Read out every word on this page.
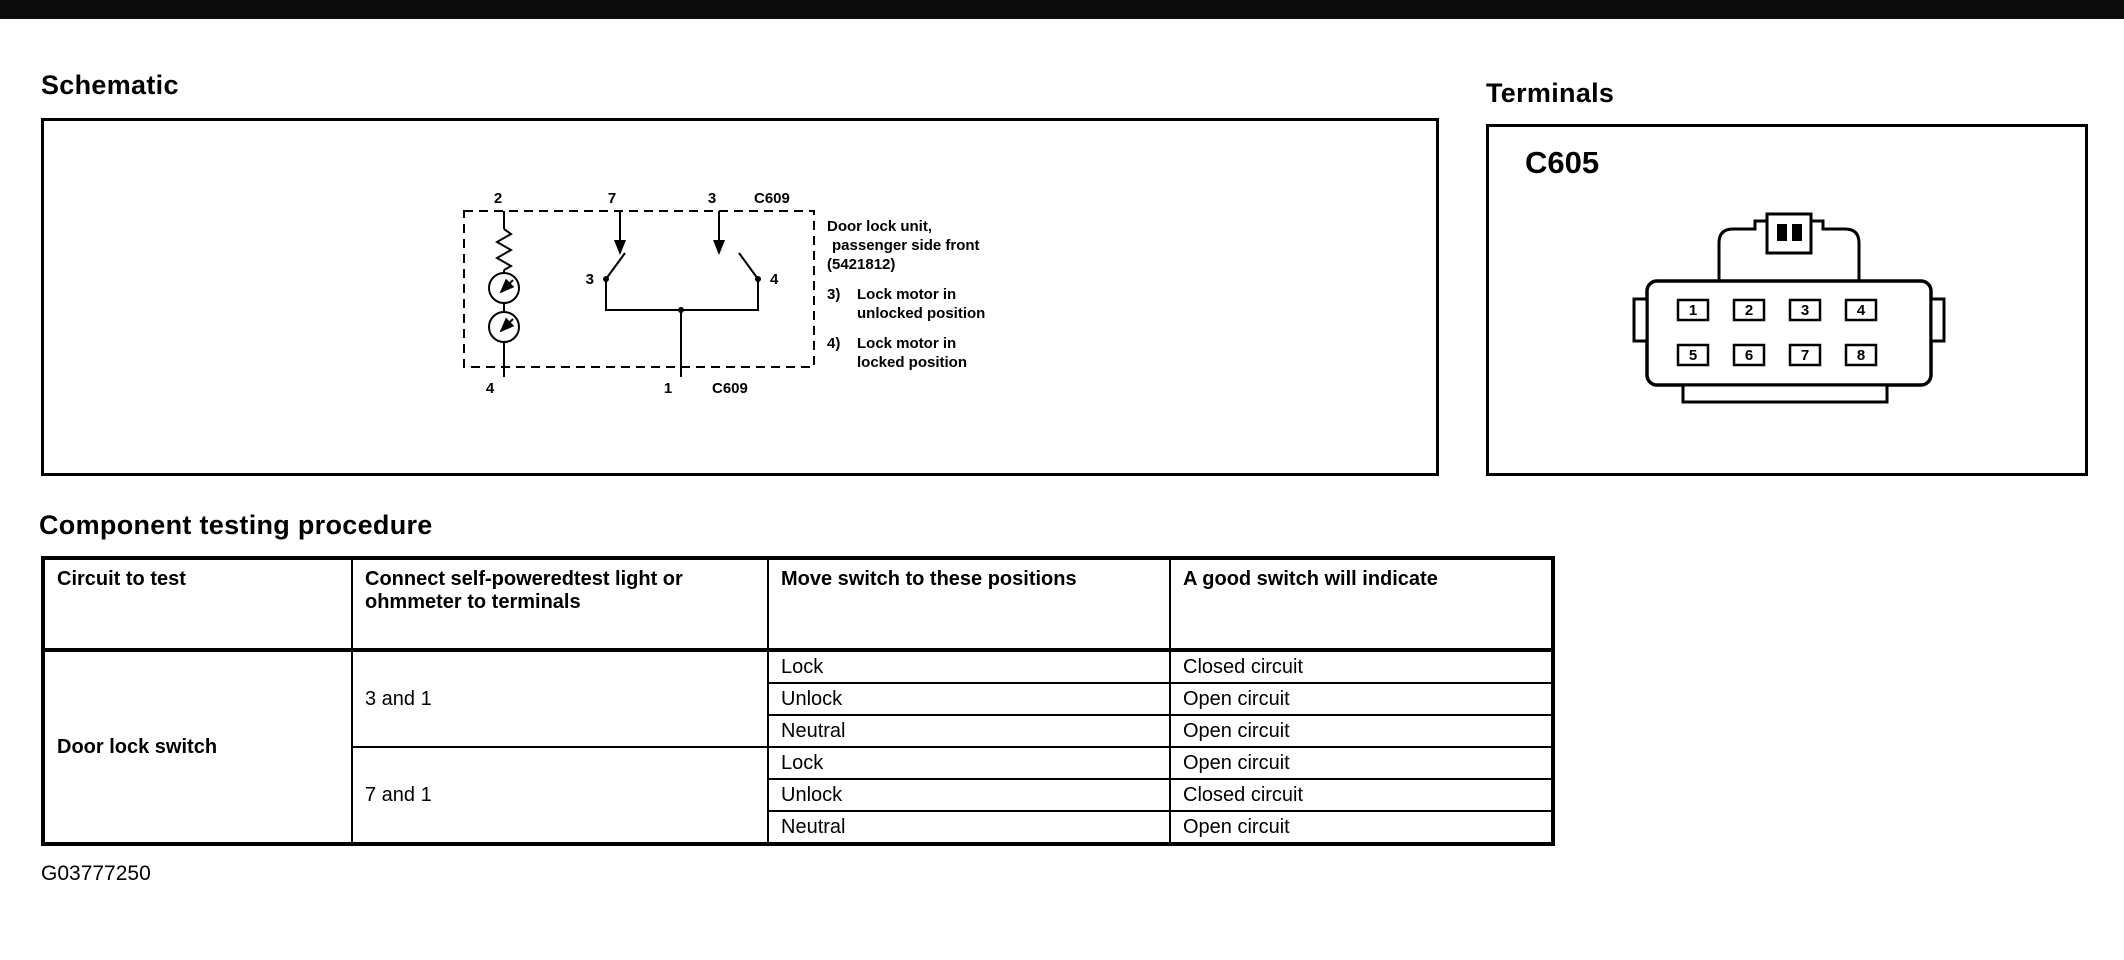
Schematic
2	7	3	C609
3	4
4	1	C609
Door lock unit,
passenger side front
(5421812)
3)	Lock motor in
unlocked position
4)	Lock motor in
locked position
Terminals
C605
1	2	3	4
5	6	7	8
Component testing procedure
Circuit to test	Connect self-poweredtest light or ohmmeter to terminals	Move switch to these positions	A good switch will indicate
Door lock switch	3 and 1	Lock	Closed circuit
		Unlock	Open circuit
		Neutral	Open circuit
	7 and 1	Lock	Open circuit
		Unlock	Closed circuit
		Neutral	Open circuit
G03777250
